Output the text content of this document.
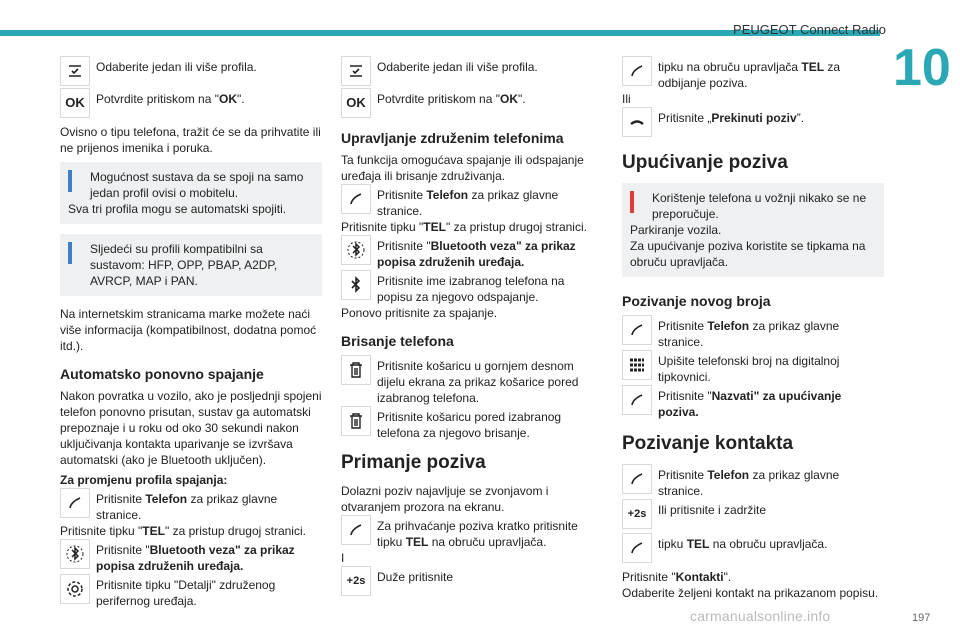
PEUGEOT Connect Radio
10
197
carmanualsonline.info
Odaberite jedan ili više profila.
OK Potvrdite pritiskom na "OK".

Ovisno o tipu telefona, tražit će se da prihvatite ili ne prijenos imenika i poruka.

Mogućnost sustava da se spoji na samo jedan profil ovisi o mobitelu.
Sva tri profila mogu se automatski spojiti.
Sljedeći su profili kompatibilni sa sustavom: HFP, OPP, PBAP, A2DP, AVRCP, MAP i PAN.

Na internetskim stranicama marke možete naći više informacija (kompatibilnost, dodatna pomoć itd.).

Automatsko ponovno spajanje

Nakon povratka u vozilo, ako je posljednji spojeni telefon ponovno prisutan, sustav ga automatski prepoznaje i u roku od oko 30 sekundi nakon uključivanja kontakta uparivanje se izvršava automatski (ako je Bluetooth uključen).

Za promjenu profila spajanja:

Pritisnite Telefon za prikaz glavne stranice.

Pritisnite tipku "TEL" za pristup drugoj stranici.

Pritisnite "Bluetooth veza" za prikaz popisa združenih uređaja.
Pritisnite tipku "Detalji" združenog perifernog uređaja.
Odaberite jedan ili više profila.
OK Potvrdite pritiskom na "OK".
Upravljanje združenim telefonima

Ta funkcija omogućava spajanje ili odspajanje uređaja ili brisanje združivanja.

Pritisnite Telefon za prikaz glavne stranice.

Pritisnite tipku "TEL" za pristup drugoj stranici.

Pritisnite "Bluetooth veza" za prikaz popisa združenih uređaja.
Pritisnite ime izabranog telefona na popisu za njegovo odspajanje.

Ponovo pritisnite za spajanje.

Brisanje telefona
Pritisnite košaricu u gornjem desnom dijelu ekrana za prikaz košarice pored izabranog telefona.
Pritisnite košaricu pored izabranog telefona za njegovo brisanje.
Primanje poziva

Dolazni poziv najavljuje se zvonjavom i otvaranjem prozora na ekranu.

Za prihvaćanje poziva kratko pritisnite tipku TEL na obruču upravljača.

I

+2s Duže pritisnite
tipku na obruču upravljača TEL za odbijanje poziva.

Ili

Pritisnite „Prekinuti poziv”.
Upućivanje poziva
Korištenje telefona u vožnji nikako se ne preporučuje.
Parkiranje vozila.
Za upućivanje poziva koristite se tipkama na obruču upravljača.
Pozivanje novog broja
Pritisnite Telefon za prikaz glavne stranice.
Upišite telefonski broj na digitalnoj tipkovnici.
Pritisnite "Nazvati" za upućivanje poziva.
Pozivanje kontakta
Pritisnite Telefon za prikaz glavne stranice.
+2s Ili pritisnite i zadržite
tipku TEL na obruču upravljača.

Pritisnite "Kontakti".

Odaberite željeni kontakt na prikazanom popisu.
